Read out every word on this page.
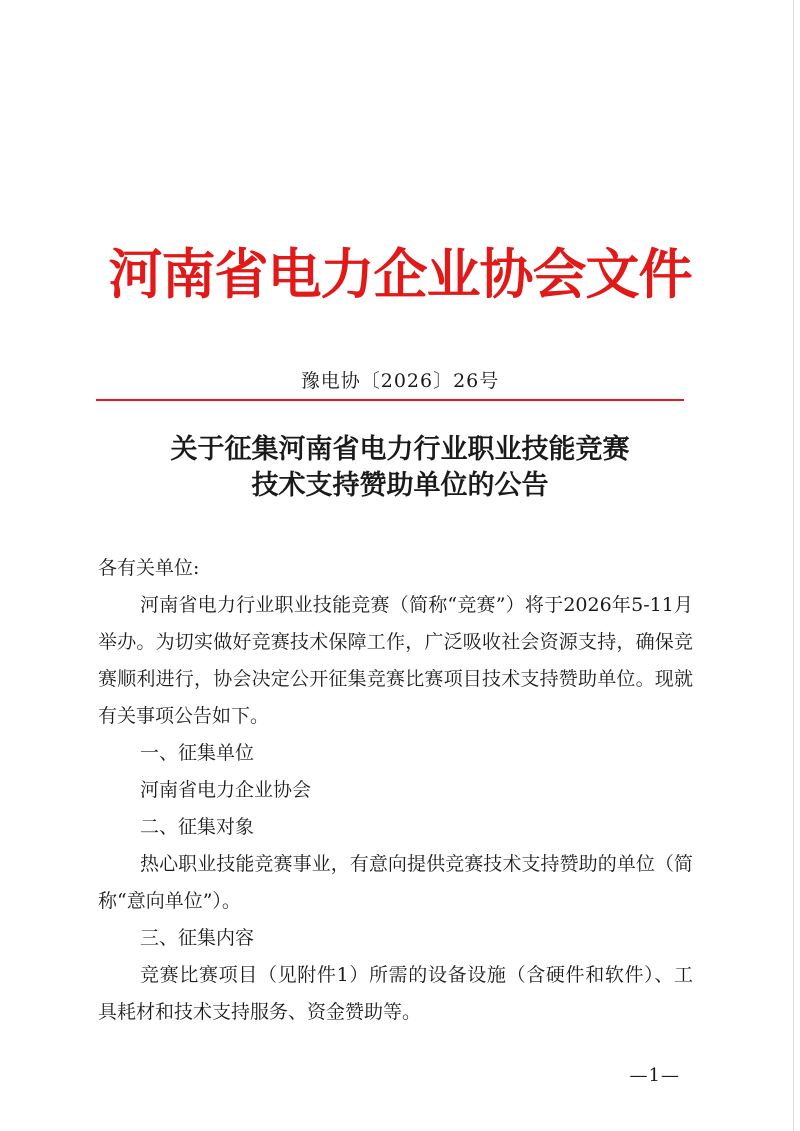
河南省电力企业协会文件
豫电协〔2026〕26号
关于征集河南省电力行业职业技能竞赛
技术支持赞助单位的公告
各有关单位:
河南省电力行业职业技能竞赛（简称“竞赛”）将于2026年5-11月举办。为切实做好竞赛技术保障工作，广泛吸收社会资源支持，确保竞赛顺利进行，协会决定公开征集竞赛比赛项目技术支持赞助单位。现就有关事项公告如下。
一、征集单位
河南省电力企业协会
二、征集对象
热心职业技能竞赛事业，有意向提供竞赛技术支持赞助的单位（简称“意向单位”）。
三、征集内容
竞赛比赛项目（见附件1）所需的设备设施（含硬件和软件）、工具耗材和技术支持服务、资金赞助等。
—1—
